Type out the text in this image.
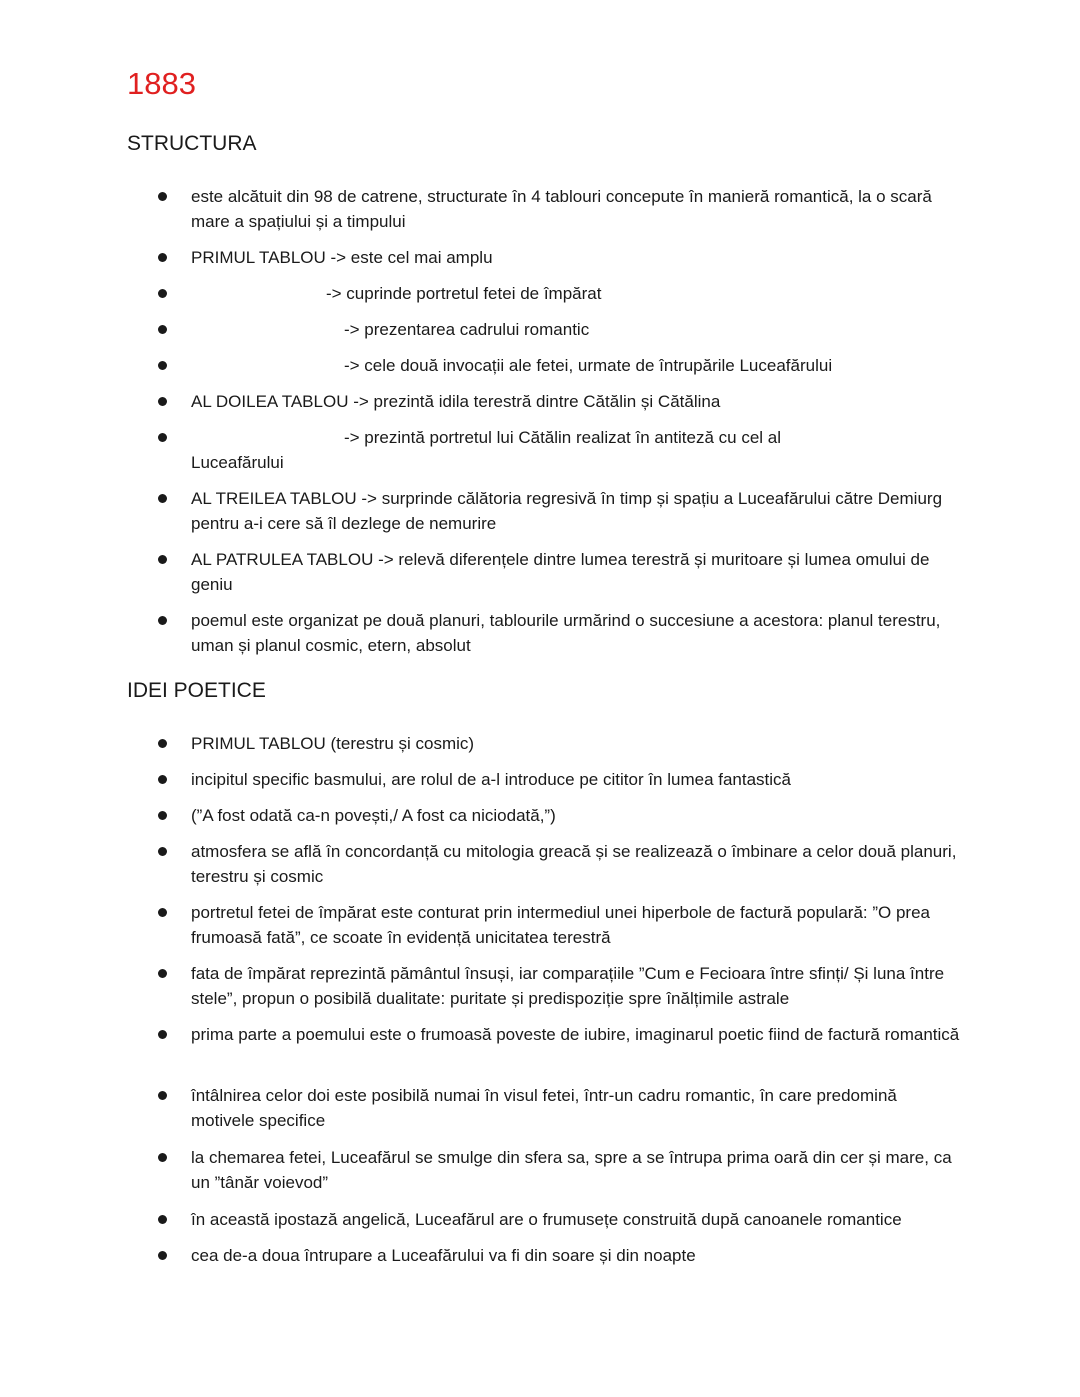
1883
STRUCTURA
este alcătuit din 98 de catrene, structurate în 4 tablouri concepute în manieră romantică, la o scară mare a spațiului și a timpului
PRIMUL TABLOU -> este cel mai amplu
-> cuprinde portretul fetei de împărat
-> prezentarea cadrului romantic
-> cele două invocații ale fetei, urmate de întrupările Luceafărului
AL DOILEA TABLOU -> prezintă idila terestră dintre Cătălin și Cătălina
-> prezintă portretul lui Cătălin realizat în antiteză cu cel al Luceafărului
AL TREILEA TABLOU -> surprinde călătoria regresivă în timp și spațiu a Luceafărului către Demiurg pentru a-i cere să îl dezlege de nemurire
AL PATRULEA TABLOU -> relevă diferențele dintre lumea terestră și muritoare și lumea omului de geniu
poemul este organizat pe două planuri, tablourile urmărind o succesiune a acestora: planul terestru, uman și planul cosmic, etern, absolut
IDEI POETICE
PRIMUL TABLOU (terestru și cosmic)
incipitul specific basmului, are rolul de a-l introduce pe cititor în lumea fantastică
(”A fost odată ca-n povești,/ A fost ca niciodată,”)
atmosfera se află în concordanță cu mitologia greacă și se realizează o îmbinare a celor două planuri, terestru și cosmic
portretul fetei de împărat este conturat prin intermediul unei hiperbole de factură populară: ”O prea frumoasă fată”, ce scoate în evidență unicitatea terestră
fata de împărat reprezintă pământul însuși, iar comparațiile ”Cum e Fecioara între sfinți/ Și luna între stele”, propun o posibilă dualitate: puritate și predispoziție spre înălțimile astrale
prima parte a poemului este o frumoasă poveste de iubire, imaginarul poetic fiind de factură romantică
întâlnirea celor doi este posibilă numai în visul fetei, într-un cadru romantic, în care predomină motivele specifice
la chemarea fetei, Luceafărul se smulge din sfera sa, spre a se întrupa prima oară din cer și mare, ca un ”tânăr voievod”
în această ipostază angelică, Luceafărul are o frumusețe construită după canoanele romantice
cea de-a doua întrupare a Luceafărului va fi din soare și din noapte
